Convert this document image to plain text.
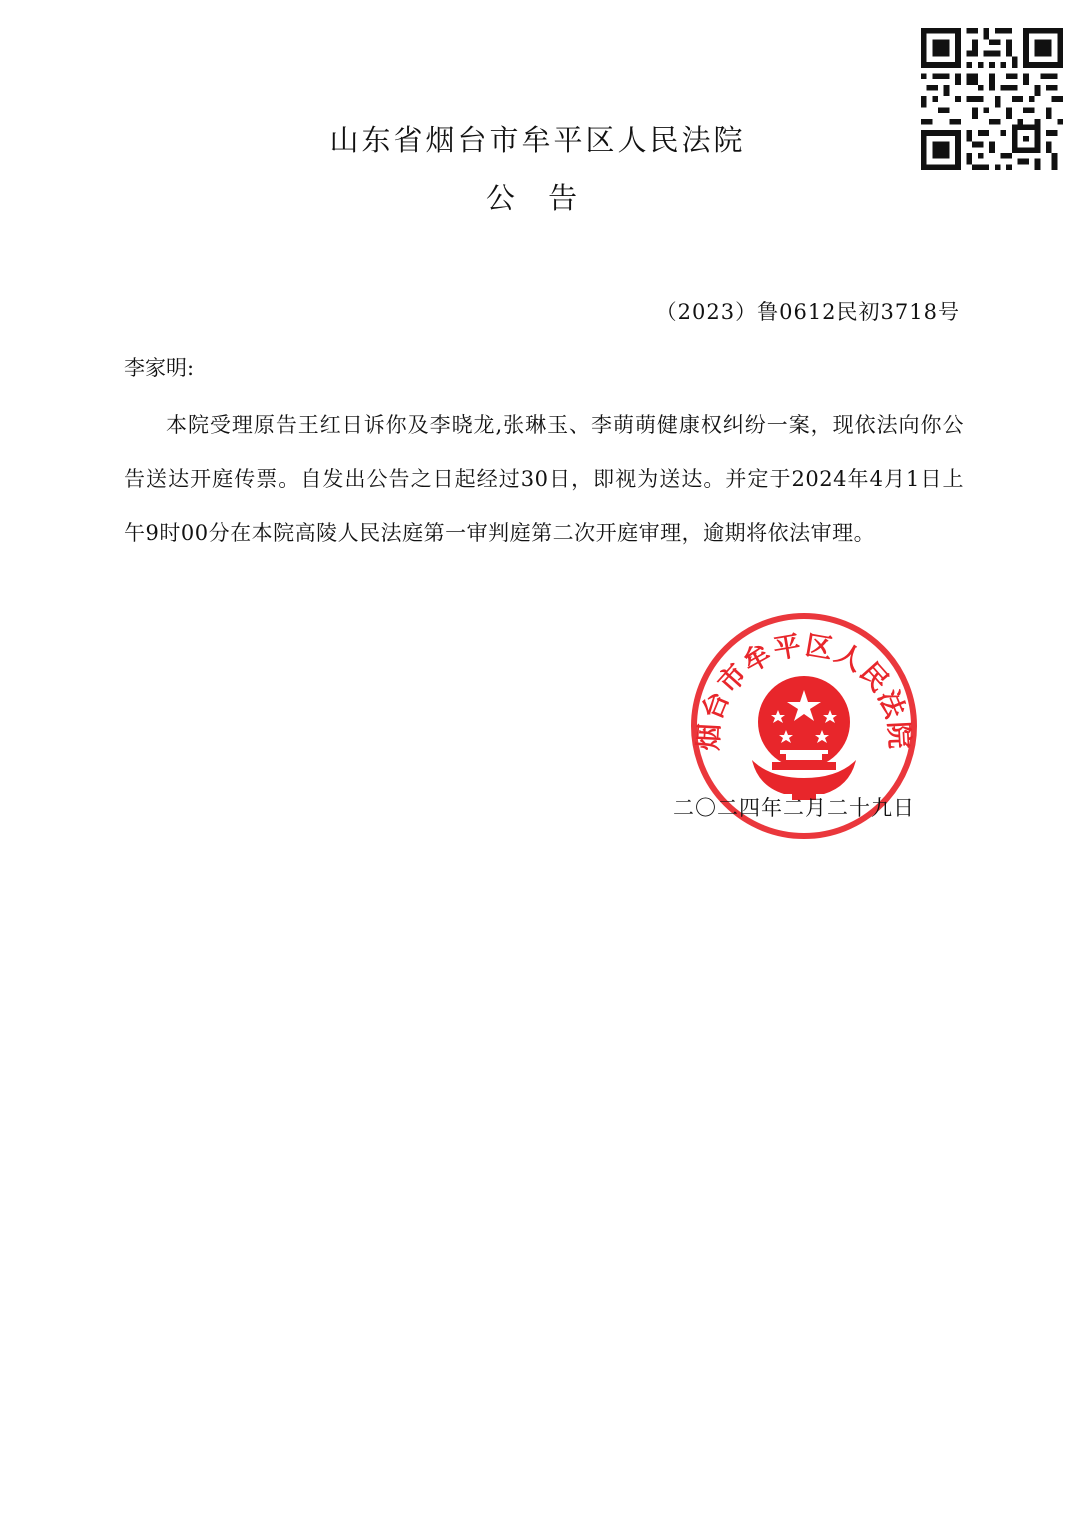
山东省烟台市牟平区人民法院
公 告
（2023）鲁0612民初3718号
李家明:
本院受理原告王红日诉你及李晓龙,张琳玉、李萌萌健康权纠纷一案，现依法向你公告送达开庭传票。自发出公告之日起经过30日，即视为送达。并定于2024年4月1日上午9时00分在本院高陵人民法庭第一审判庭第二次开庭审理，逾期将依法审理。
烟台市牟平区人民法院
二〇二四年二月二十九日
